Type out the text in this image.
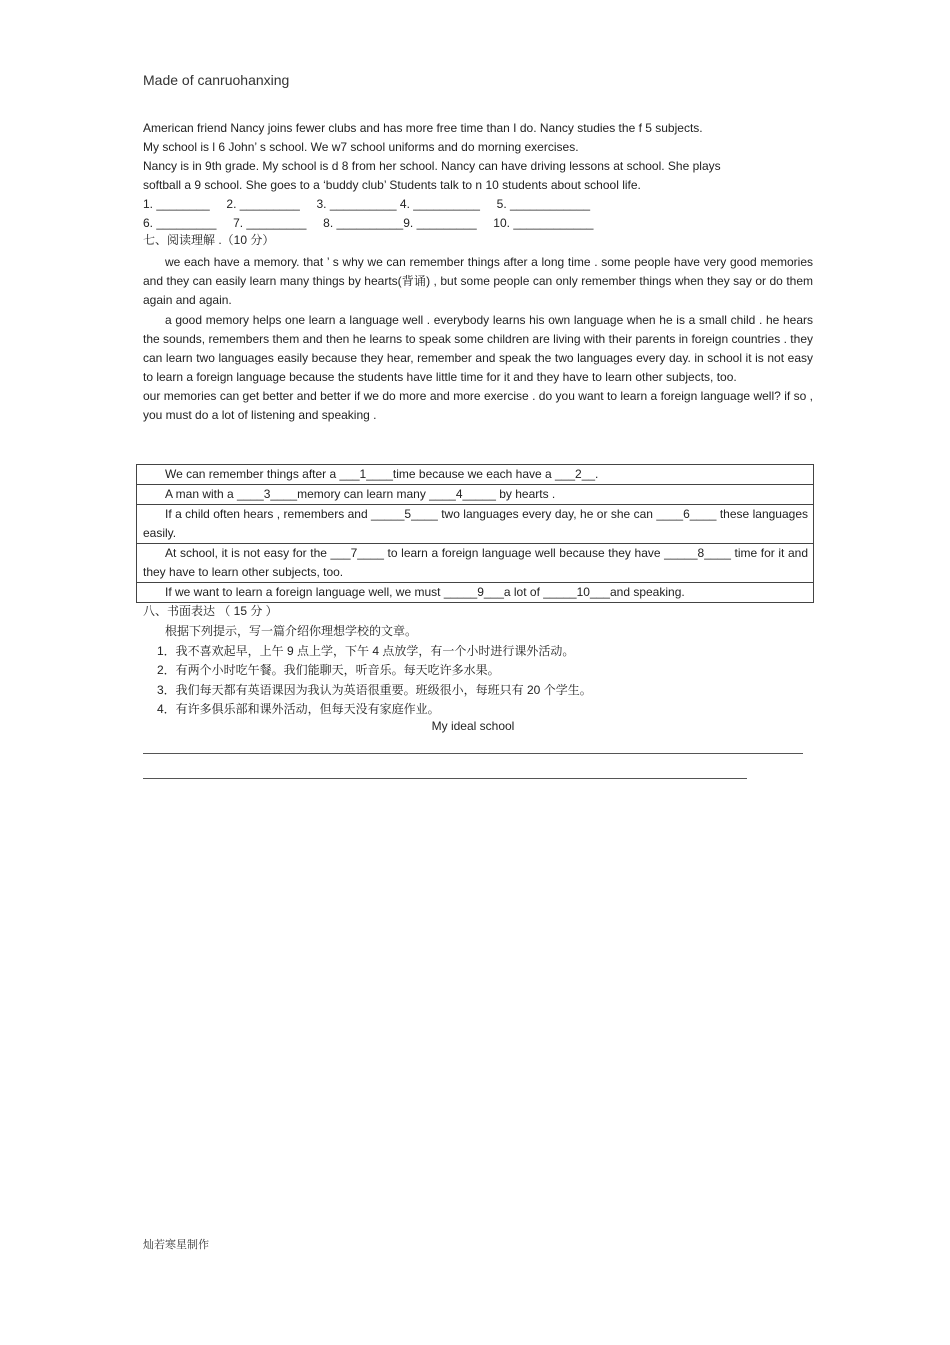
Made of canruohanxing
American friend Nancy joins fewer clubs and has more free time than I do. Nancy studies the f 5 subjects.
My school is l 6 John’ s school. We w7 school uniforms and do morning exercises.
Nancy is in 9th grade. My school is d 8 from her school. Nancy can have driving lessons at school. She plays
softball a 9 school. She goes to a ‘buddy club’ Students talk to n 10 students about school life.
1. ________     2. _________     3. __________ 4. __________     5. ____________
6. _________     7. _________     8. __________9. _________     10. ____________
七、阅读理解 .（10 分）
we each have a memory. that ’ s why we can remember things after a long time . some people have very good memories and they can easily learn many things by hearts(背诵) , but some people can only remember things when they say or do them again and again.
a good memory helps one learn a language well . everybody learns his own language when he is a small child . he hears the sounds, remembers them and then he learns to speak some children are living with their parents in foreign countries . they can learn two languages easily because they hear, remember and speak the two languages every day. in school it is not easy to learn a foreign language because the students have little time for it and they have to learn other subjects, too.
our memories can get better and better if we do more and more exercise . do you want to learn a foreign language well? if so , you must do a lot of listening and speaking .
We can remember things after a ___1____time because we each have a ___2__.

A man with a ____3____memory can learn many ____4_____ by hearts .

If a child often hears , remembers and _____5____ two languages every day, he or she can ____6____ these languages easily.

At school, it is not easy for the ___7____ to learn a foreign language well because they have _____8____ time for it and they have to learn other subjects, too.

If we want to learn a foreign language well, we must _____9___a lot of _____10___and speaking.
八、书面表达 （ 15 分 ）
根据下列提示，写一篇介绍你理想学校的文章。
1．我不喜欢起早，上午 9 点上学，下午 4 点放学，有一个小时进行课外活动。
2．有两个小时吃午餐。我们能聊天，听音乐。每天吃许多水果。
3．我们每天都有英语课因为我认为英语很重要。班级很小，每班只有 20 个学生。
4．有许多俱乐部和课外活动，但每天没有家庭作业。
My ideal school
灿若寒星制作
